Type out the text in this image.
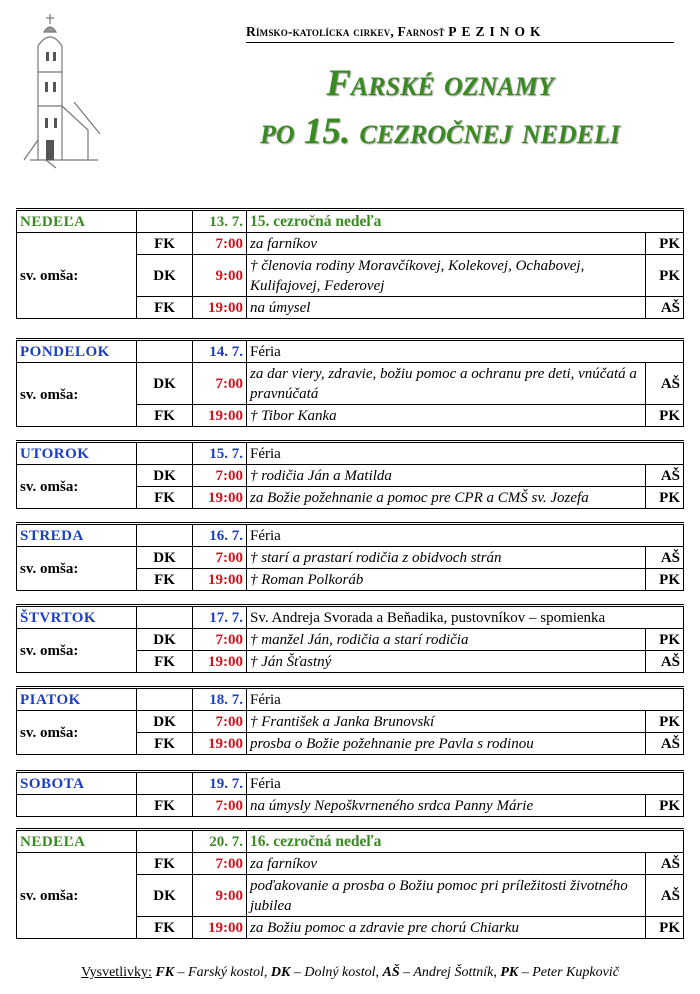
Rímsko-katolícka cirkev, Farnosť PEZINOK
Farské oznamy
po 15. cezročnej nedeli
NEDEĽA		13. 7.	15. cezročná nedeľa	
sv. omša:	FK	7:00	za farníkov	PK
	DK	9:00	† členovia rodiny Moravčíkovej, Kolekovej, Ochabovej, Kulifajovej, Federovej	PK
	FK	19:00	na úmysel	AŠ
PONDELOK		14. 7.	Féria	
sv. omša:	DK	7:00	za dar viery, zdravie, božiu pomoc a ochranu pre deti, vnúčatá a pravnúčatá	AŠ
	FK	19:00	† Tibor Kanka	PK
UTOROK		15. 7.	Féria	
sv. omša:	DK	7:00	† rodičia Ján a Matilda	AŠ
	FK	19:00	za Božie požehnanie a pomoc pre CPR a CMŠ sv. Jozefa	PK
STREDA		16. 7.	Féria	
sv. omša:	DK	7:00	† starí a prastarí rodičia z obidvoch strán	AŠ
	FK	19:00	† Roman Polkoráb	PK
ŠTVRTOK		17. 7.	Sv. Andreja Svorada a Beňadika, pustovníkov – spomienka	
sv. omša:	DK	7:00	† manžel Ján, rodičia a starí rodičia	PK
	FK	19:00	† Ján Šťastný	AŠ
PIATOK		18. 7.	Féria	
sv. omša:	DK	7:00	† František a Janka Brunovskí	PK
	FK	19:00	prosba o Božie požehnanie pre Pavla s rodinou	AŠ
SOBOTA		19. 7.	Féria	
	FK	7:00	na úmysly Nepoškvrneného srdca Panny Márie	PK
NEDEĽA		20. 7.	16. cezročná nedeľa	
sv. omša:	FK	7:00	za farníkov	AŠ
	DK	9:00	poďakovanie a prosba o Božiu pomoc pri príležitosti životného jubilea	AŠ
	FK	19:00	za Božiu pomoc a zdravie pre chorú Chiarku	PK
Vysvetlivky: FK – Farský kostol, DK – Dolný kostol, AŠ – Andrej Šottník, PK – Peter Kupkovič
